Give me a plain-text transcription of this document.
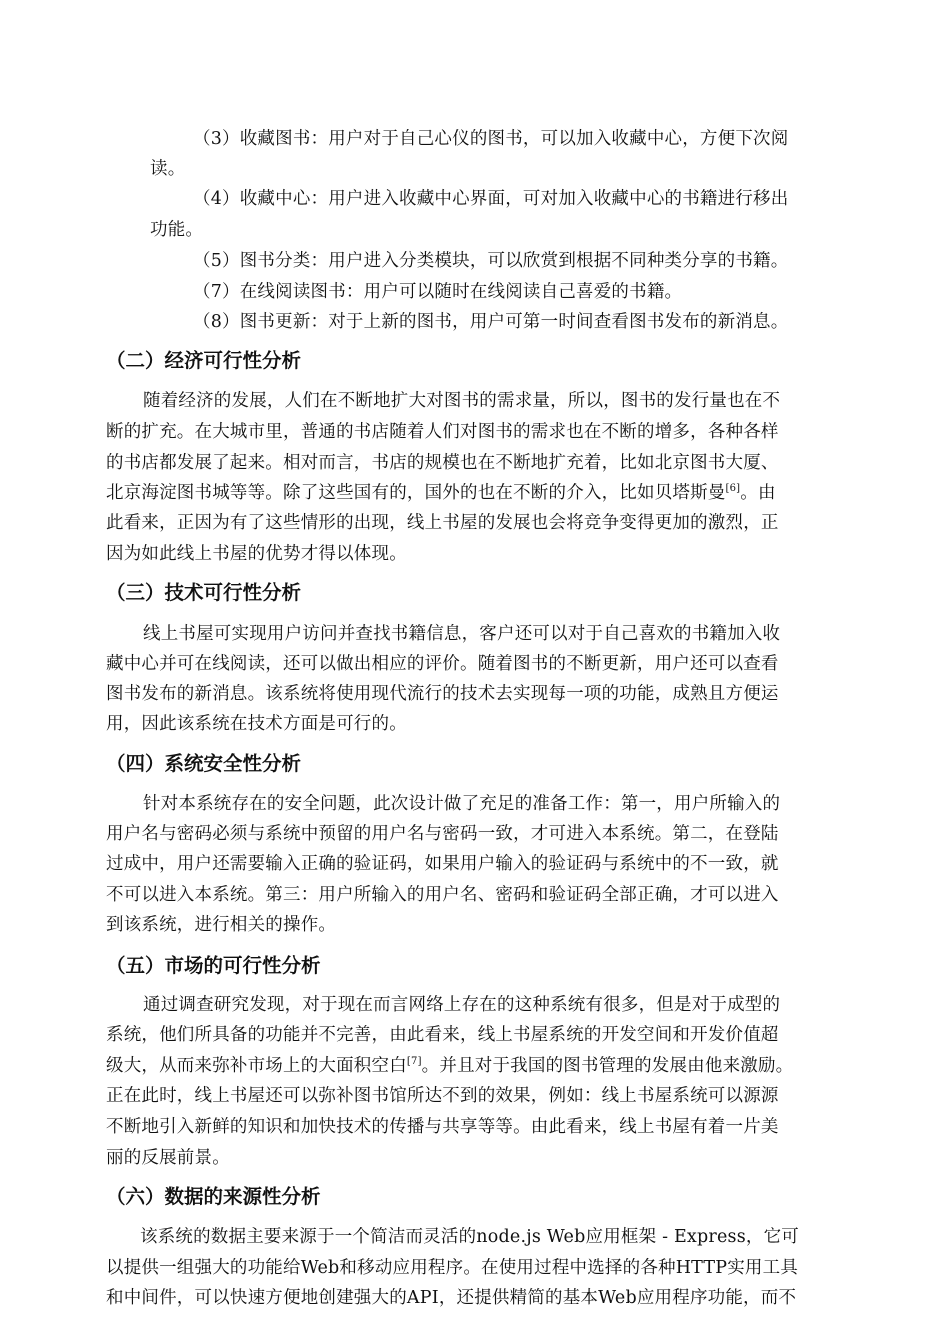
（3）收藏图书：用户对于自己心仪的图书，可以加入收藏中心，方便下次阅
读。
（4）收藏中心：用户进入收藏中心界面，可对加入收藏中心的书籍进行移出
功能。
（5）图书分类：用户进入分类模块，可以欣赏到根据不同种类分享的书籍。
（7）在线阅读图书：用户可以随时在线阅读自己喜爱的书籍。
（8）图书更新：对于上新的图书，用户可第一时间查看图书发布的新消息。
（二）经济可行性分析
随着经济的发展，人们在不断地扩大对图书的需求量，所以，图书的发行量也在不
断的扩充。在大城市里，普通的书店随着人们对图书的需求也在不断的增多，各种各样
的书店都发展了起来。相对而言，书店的规模也在不断地扩充着，比如北京图书大厦、
北京海淀图书城等等。除了这些国有的，国外的也在不断的介入，比如贝塔斯曼[6]。由
此看来，正因为有了这些情形的出现，线上书屋的发展也会将竞争变得更加的激烈，正
因为如此线上书屋的优势才得以体现。
（三）技术可行性分析
线上书屋可实现用户访问并查找书籍信息，客户还可以对于自己喜欢的书籍加入收
藏中心并可在线阅读，还可以做出相应的评价。随着图书的不断更新，用户还可以查看
图书发布的新消息。该系统将使用现代流行的技术去实现每一项的功能，成熟且方便运
用，因此该系统在技术方面是可行的。
（四）系统安全性分析
针对本系统存在的安全问题，此次设计做了充足的准备工作：第一，用户所输入的
用户名与密码必须与系统中预留的用户名与密码一致，才可进入本系统。第二，在登陆
过成中，用户还需要输入正确的验证码，如果用户输入的验证码与系统中的不一致，就
不可以进入本系统。第三：用户所输入的用户名、密码和验证码全部正确，才可以进入
到该系统，进行相关的操作。
（五）市场的可行性分析
通过调查研究发现，对于现在而言网络上存在的这种系统有很多，但是对于成型的
系统，他们所具备的功能并不完善，由此看来，线上书屋系统的开发空间和开发价值超
级大，从而来弥补市场上的大面积空白[7]。并且对于我国的图书管理的发展由他来激励。
正在此时，线上书屋还可以弥补图书馆所达不到的效果，例如：线上书屋系统可以源源
不断地引入新鲜的知识和加快技术的传播与共享等等。由此看来，线上书屋有着一片美
丽的反展前景。
（六）数据的来源性分析
该系统的数据主要来源于一个简洁而灵活的node.js Web应用框架 - Express，它可
以提供一组强大的功能给Web和移动应用程序。在使用过程中选择的各种HTTP实用工具
和中间件，可以快速方便地创建强大的API，还提供精简的基本Web应用程序功能，而不
